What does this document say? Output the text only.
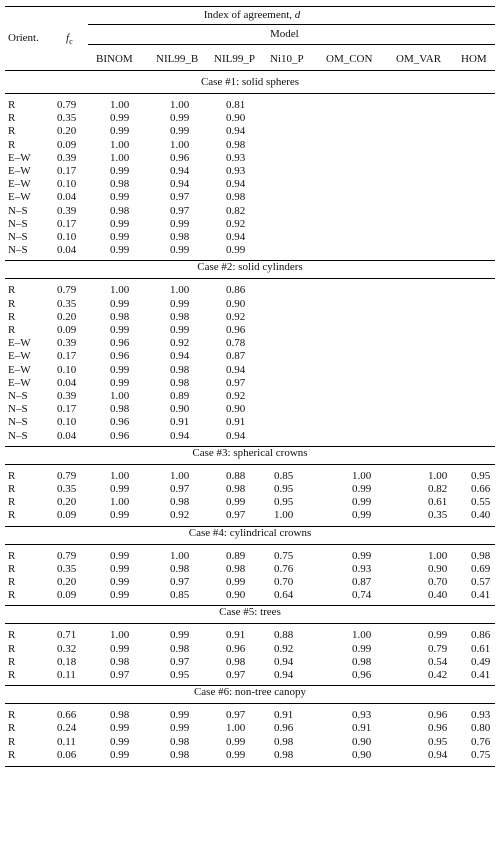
Index of agreement, d
Orient. $f_c$
Model
BINOM NIL99_B NIL99_P Ni10_P OM_CON OM_VAR HOM
Case #1: solid spheres
R	0.79	1.00	1.00	0.81
R	0.35	0.99	0.99	0.90
R	0.20	0.99	0.99	0.94
R	0.09	1.00	1.00	0.98
E–W 0.39	1.00	0.96	0.93
E–W 0.17	0.99	0.94	0.93
E–W 0.10	0.98	0.94	0.94
E–W 0.04	0.99	0.97	0.98
N–S	0.39	0.98	0.97	0.82
N–S	0.17	0.99	0.99	0.92
N–S	0.10	0.99	0.98	0.94
N–S	0.04	0.99	0.99	0.99
Case #2: solid cylinders
R	0.79	1.00	1.00	0.86
R	0.35	0.99	0.99	0.90
R	0.20	0.98	0.98	0.92
R	0.09	0.99	0.99	0.96
E–W 0.39	0.96	0.92	0.78
E–W 0.17	0.96	0.94	0.87
E–W 0.10	0.99	0.98	0.94
E–W 0.04	0.99	0.98	0.97
N–S	0.39	1.00	0.89	0.92
N–S	0.17	0.98	0.90	0.90
N–S	0.10	0.96	0.91	0.91
N–S	0.04	0.96	0.94	0.94
Case #3: spherical crowns
R	0.79	1.00	1.00	0.88	0.85	1.00	1.00 0.95
R	0.35	0.99	0.97	0.98	0.95	0.99	0.82 0.66
R	0.20	1.00	0.98	0.99	0.95	0.99	0.61 0.55
R	0.09	0.99	0.92	0.97	1.00	0.99	0.35 0.40
Case #4: cylindrical crowns
R	0.79	0.99	1.00	0.89	0.75	0.99	1.00 0.98
R	0.35	0.99	0.98	0.98	0.76	0.93	0.90 0.69
R	0.20	0.99	0.97	0.99	0.70	0.87	0.70 0.57
R	0.09	0.99	0.85	0.90	0.64	0.74	0.40 0.41
Case #5: trees
R	0.71	1.00	0.99	0.91	0.88	1.00	0.99 0.86
R	0.32	0.99	0.98	0.96	0.92	0.99	0.79 0.61
R	0.18	0.98	0.97	0.98	0.94	0.98	0.54 0.49
R	0.11	0.97	0.95	0.97	0.94	0.96	0.42 0.41
Case #6: non-tree canopy
R	0.66	0.98	0.99	0.97	0.91	0.93	0.96 0.93
R	0.24	0.99	0.99	1.00	0.96	0.91	0.96 0.80
R	0.11	0.99	0.98	0.99	0.98	0.90	0.95 0.76
R	0.06	0.99	0.98	0.99	0.98	0.90	0.94 0.75
